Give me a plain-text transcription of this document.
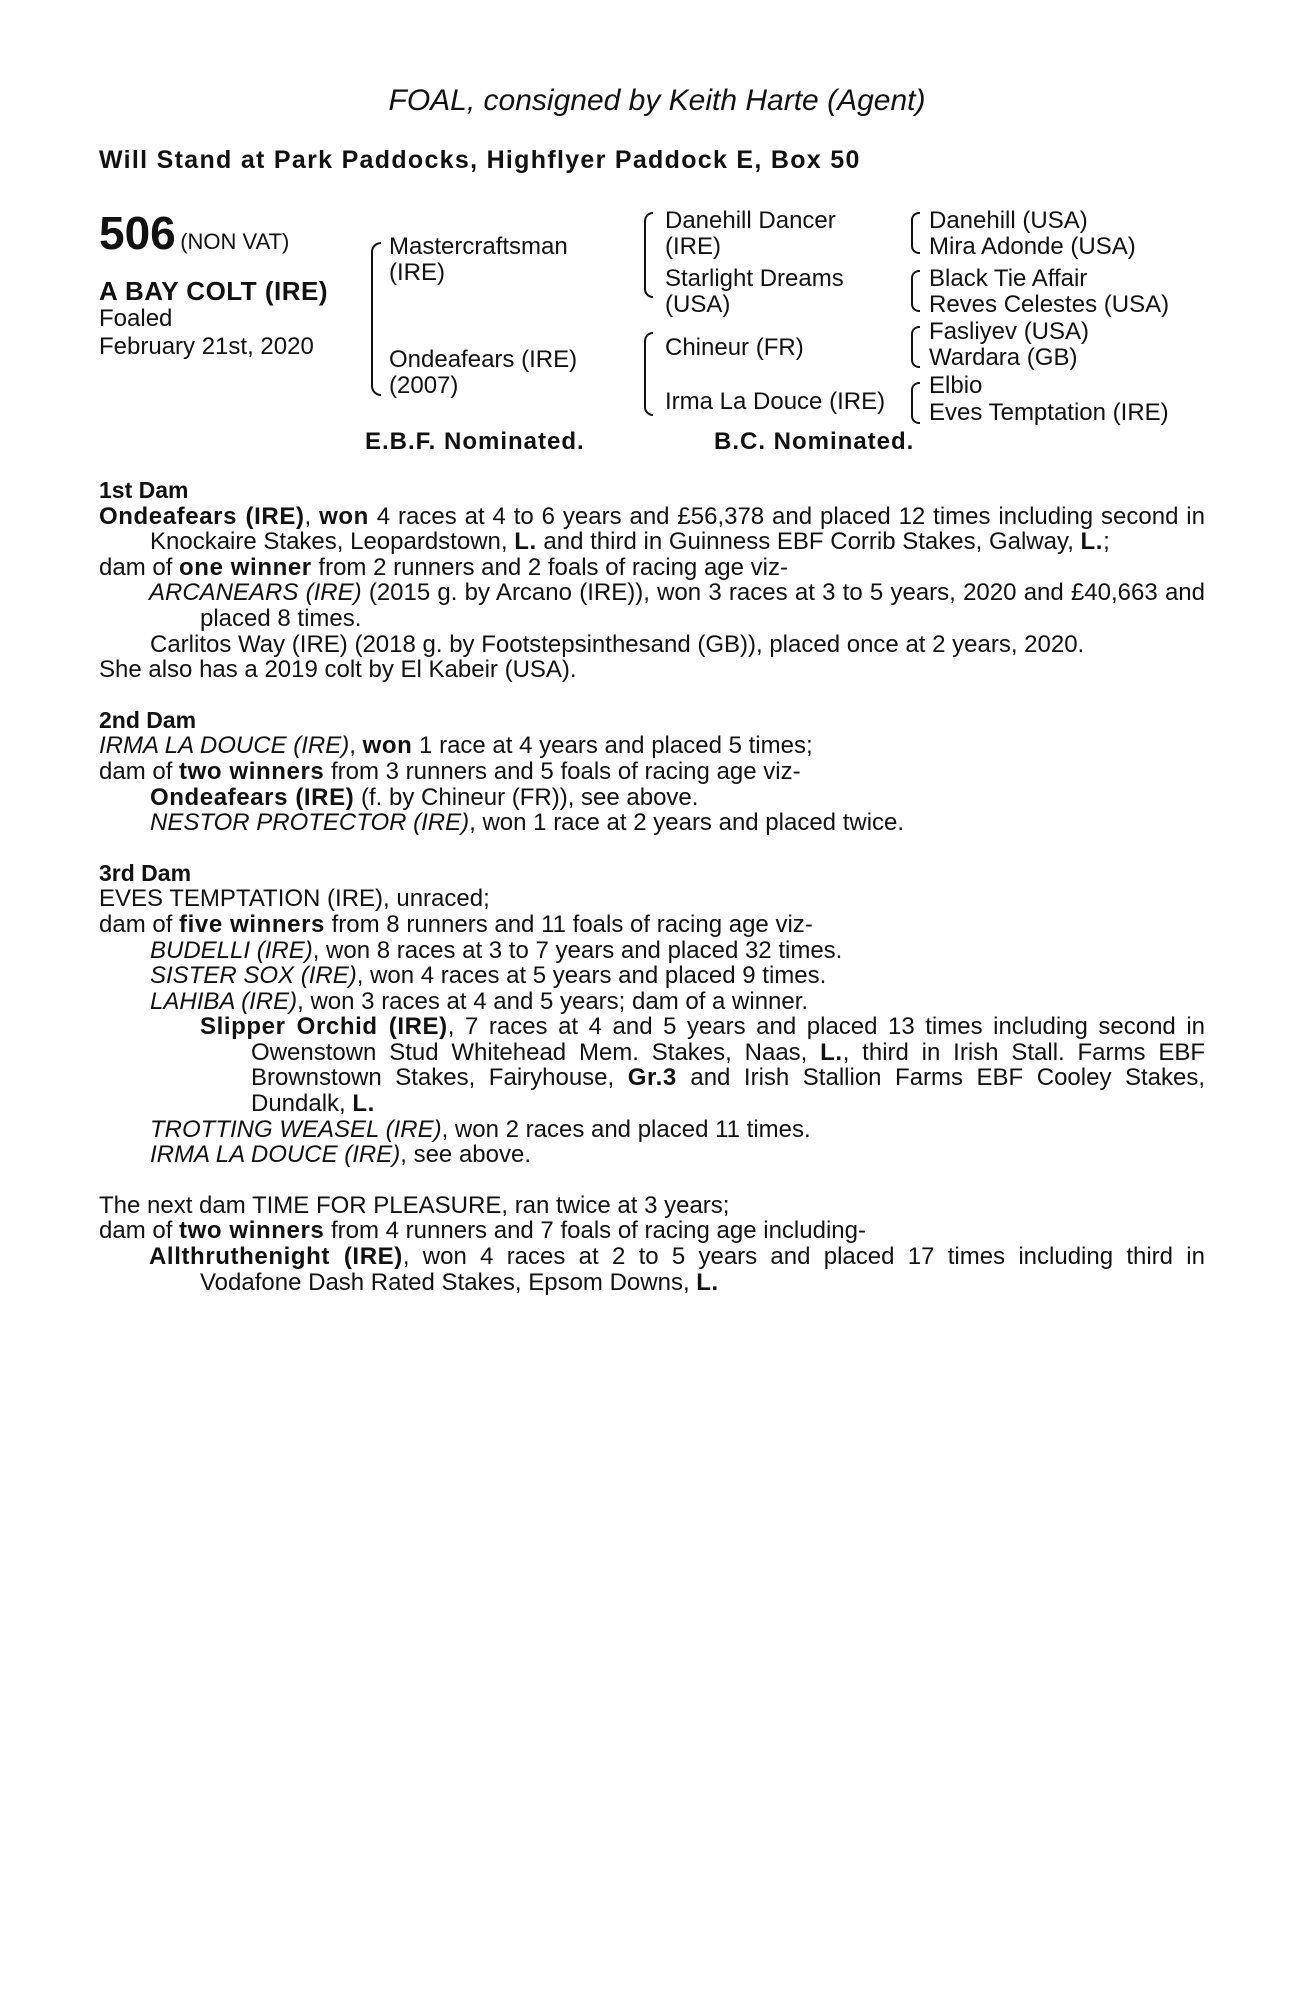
FOAL, consigned by Keith Harte (Agent)
Will Stand at Park Paddocks, Highflyer Paddock E, Box 50
506 (NON VAT)
A BAY COLT (IRE)
Foaled
February 21st, 2020
Mastercraftsman
(IRE)
Ondeafears (IRE)
(2007)
Danehill Dancer
(IRE)
Starlight Dreams
(USA)
Chineur (FR)
Irma La Douce (IRE)
Danehill (USA)
Mira Adonde (USA)
Black Tie Affair
Reves Celestes (USA)
Fasliyev (USA)
Wardara (GB)
Elbio
Eves Temptation (IRE)
E.B.F. Nominated.	B.C. Nominated.

1st Dam

Ondeafears (IRE), won 4 races at 4 to 6 years and £56,378 and placed 12 times including second in Knockaire Stakes, Leopardstown, L. and third in Guinness EBF Corrib Stakes, Galway, L.;

dam of one winner from 2 runners and 2 foals of racing age viz-

ARCANEARS (IRE) (2015 g. by Arcano (IRE)), won 3 races at 3 to 5 years, 2020 and £40,663 and placed 8 times.

Carlitos Way (IRE) (2018 g. by Footstepsinthesand (GB)), placed once at 2 years, 2020.

She also has a 2019 colt by El Kabeir (USA).

2nd Dam

IRMA LA DOUCE (IRE), won 1 race at 4 years and placed 5 times;

dam of two winners from 3 runners and 5 foals of racing age viz-

Ondeafears (IRE) (f. by Chineur (FR)), see above.

NESTOR PROTECTOR (IRE), won 1 race at 2 years and placed twice.

3rd Dam

EVES TEMPTATION (IRE), unraced;

dam of five winners from 8 runners and 11 foals of racing age viz-

BUDELLI (IRE), won 8 races at 3 to 7 years and placed 32 times.

SISTER SOX (IRE), won 4 races at 5 years and placed 9 times.

LAHIBA (IRE), won 3 races at 4 and 5 years; dam of a winner.

Slipper Orchid (IRE), 7 races at 4 and 5 years and placed 13 times including second in Owenstown Stud Whitehead Mem. Stakes, Naas, L., third in Irish Stall. Farms EBF Brownstown Stakes, Fairyhouse, Gr.3 and Irish Stallion Farms EBF Cooley Stakes, Dundalk, L.

TROTTING WEASEL (IRE), won 2 races and placed 11 times.

IRMA LA DOUCE (IRE), see above.

The next dam TIME FOR PLEASURE, ran twice at 3 years;

dam of two winners from 4 runners and 7 foals of racing age including-

Allthruthenight (IRE), won 4 races at 2 to 5 years and placed 17 times including third in Vodafone Dash Rated Stakes, Epsom Downs, L.
